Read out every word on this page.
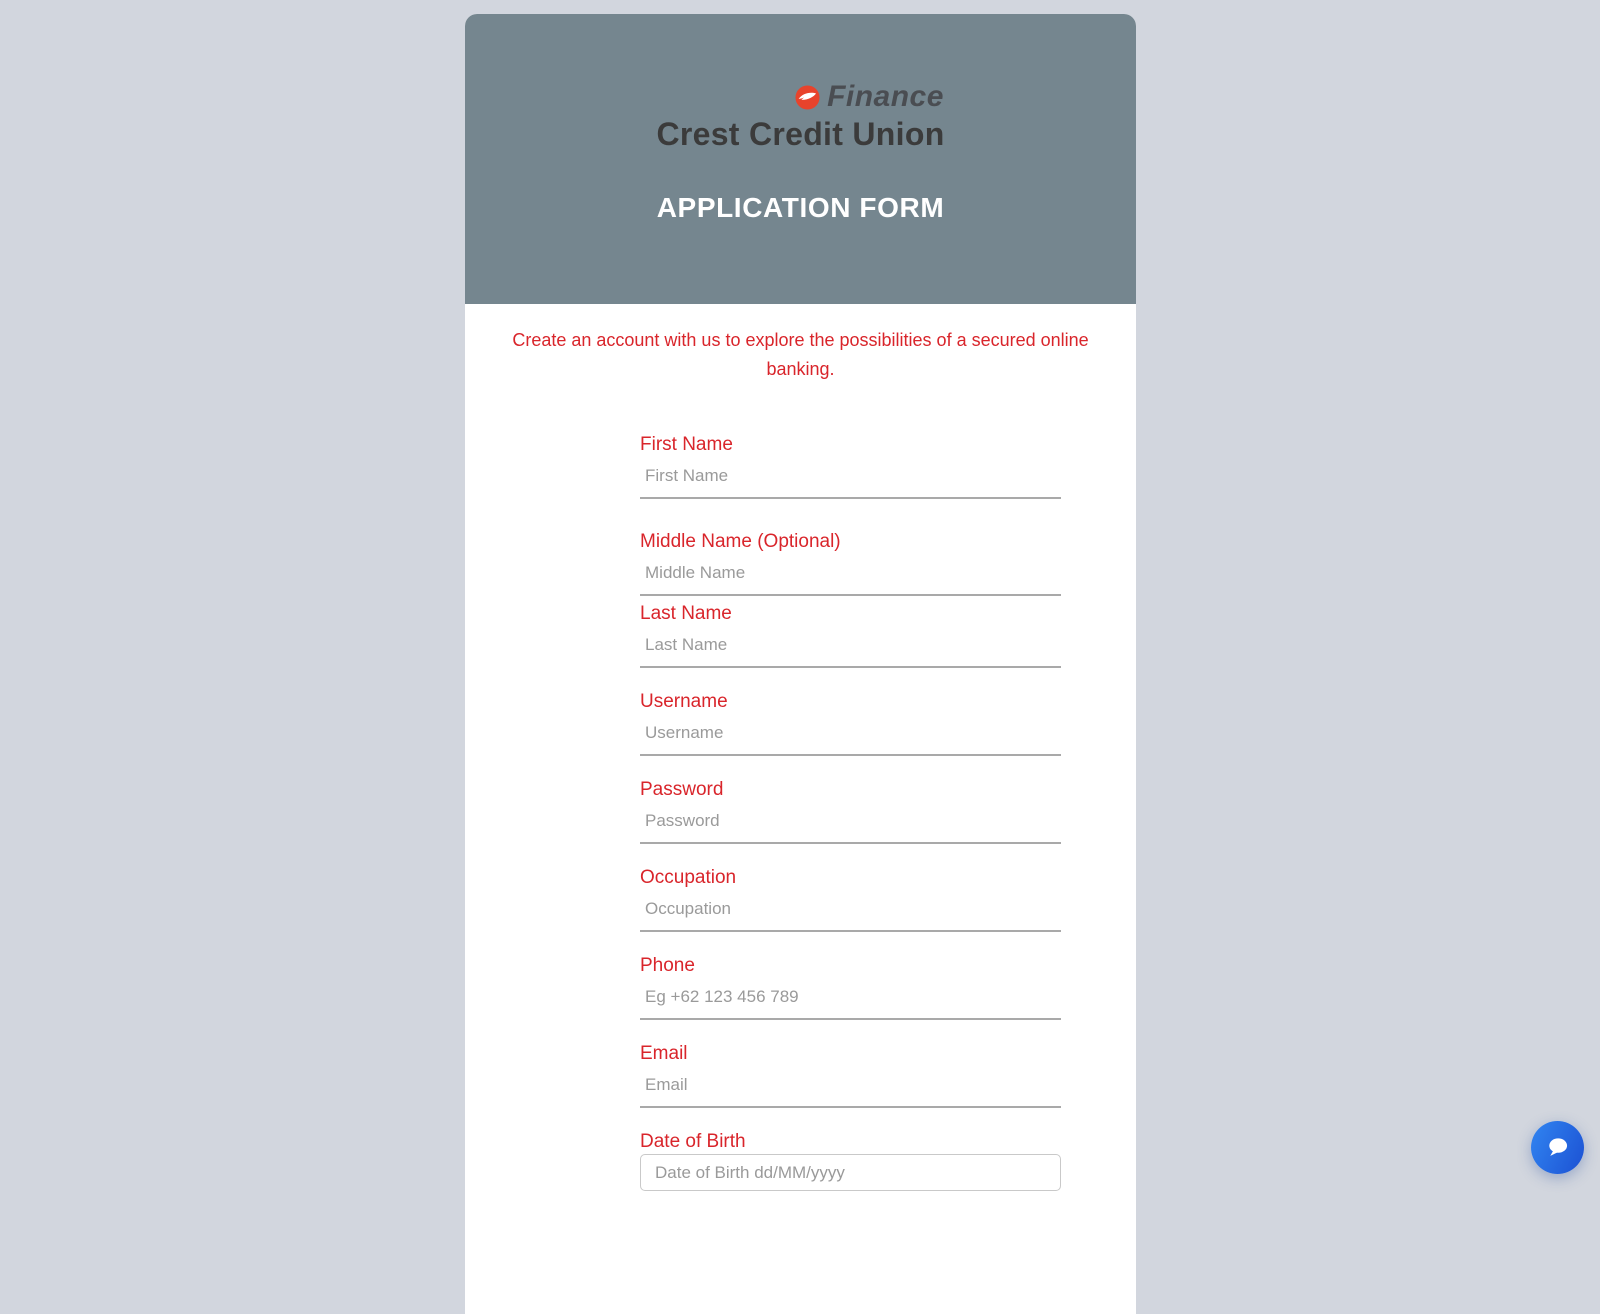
Finance
Crest Credit Union
APPLICATION FORM

Create an account with us to explore the possibilities of a secured online
banking.

First Name
First Name
Middle Name (Optional)
Middle Name
Last Name
Last Name
Username
Username
Password
Occupation
Occupation
Phone
Eg +62 123 456 789
Email
Email
Date of Birth
Date of Birth dd/MM/yyyy
